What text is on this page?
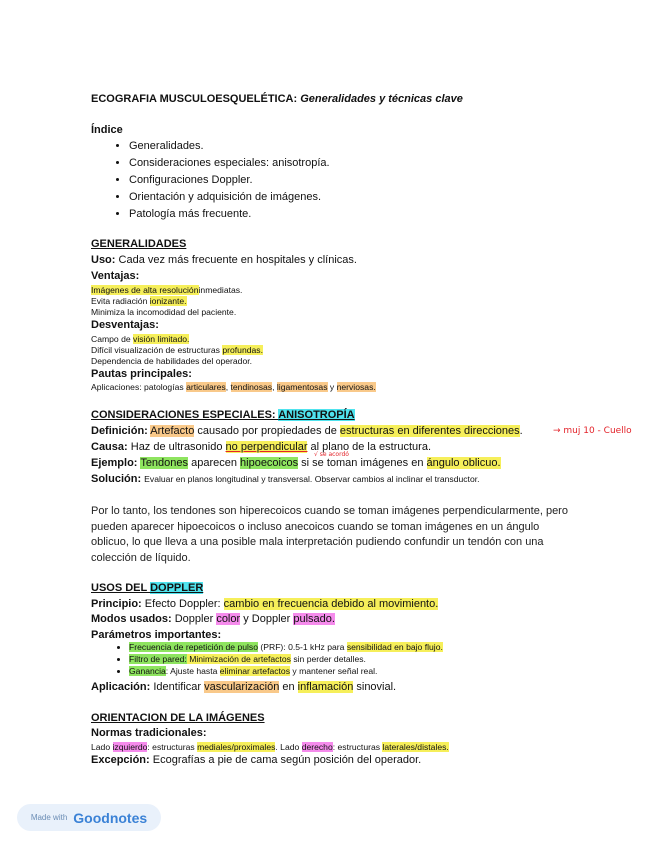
ECOGRAFIA MUSCULOESQUELÉTICA: Generalidades y técnicas clave
Índice
• Generalidades.
• Consideraciones especiales: anisotropía.
• Configuraciones Doppler.
• Orientación y adquisición de imágenes.
• Patología más frecuente.
GENERALIDADES
Uso: Cada vez más frecuente en hospitales y clínicas.
Ventajas:
Imágenes de alta resolucióninmediatas.
Evita radiación ionizante.
Minimiza la incomodidad del paciente.
Desventajas:
Campo de visión limitado.
Difícil visualización de estructuras profundas.
Dependencia de habilidades del operador.
Pautas principales:
Aplicaciones: patologías articulares, tendinosas, ligamentosas y nerviosas.
CONSIDERACIONES ESPECIALES: ANISOTROPÍA
Definición: Artefacto causado por propiedades de estructuras en diferentes direcciones.	→ muj 10 - Cuello
Causa: Haz de ultrasonido no perpendicular al plano de la estructura.
√ se acordó
Ejemplo: Tendones aparecen hipoecoicos si se toman imágenes en ángulo oblicuo.
Solución: Evaluar en planos longitudinal y transversal. Observar cambios al inclinar el transductor.
Por lo tanto, los tendones son hiperecoicos cuando se toman imágenes perpendicularmente, pero pueden aparecer hipoecoicos o incluso anecoicos cuando se toman imágenes en un ángulo oblicuo, lo que lleva a una posible mala interpretación pudiendo confundir un tendón con una colección de líquido.
USOS DEL DOPPLER
Principio: Efecto Doppler: cambio en frecuencia debido al movimiento.
Modos usados: Doppler color y Doppler pulsado.
Parámetros importantes:
• Frecuencia de repetición de pulso (PRF): 0.5-1 kHz para sensibilidad en bajo flujo.
• Filtro de pared: Minimización de artefactos sin perder detalles.
• Ganancia: Ajuste hasta eliminar artefactos y mantener señal real.
Aplicación: Identificar vascularización en inflamación sinovial.
ORIENTACION DE LA IMÁGENES
Normas tradicionales:
Lado izquierdo: estructuras mediales/proximales. Lado derecho: estructuras laterales/distales.
Excepción: Ecografías a pie de cama según posición del operador.
Made with Goodnotes
